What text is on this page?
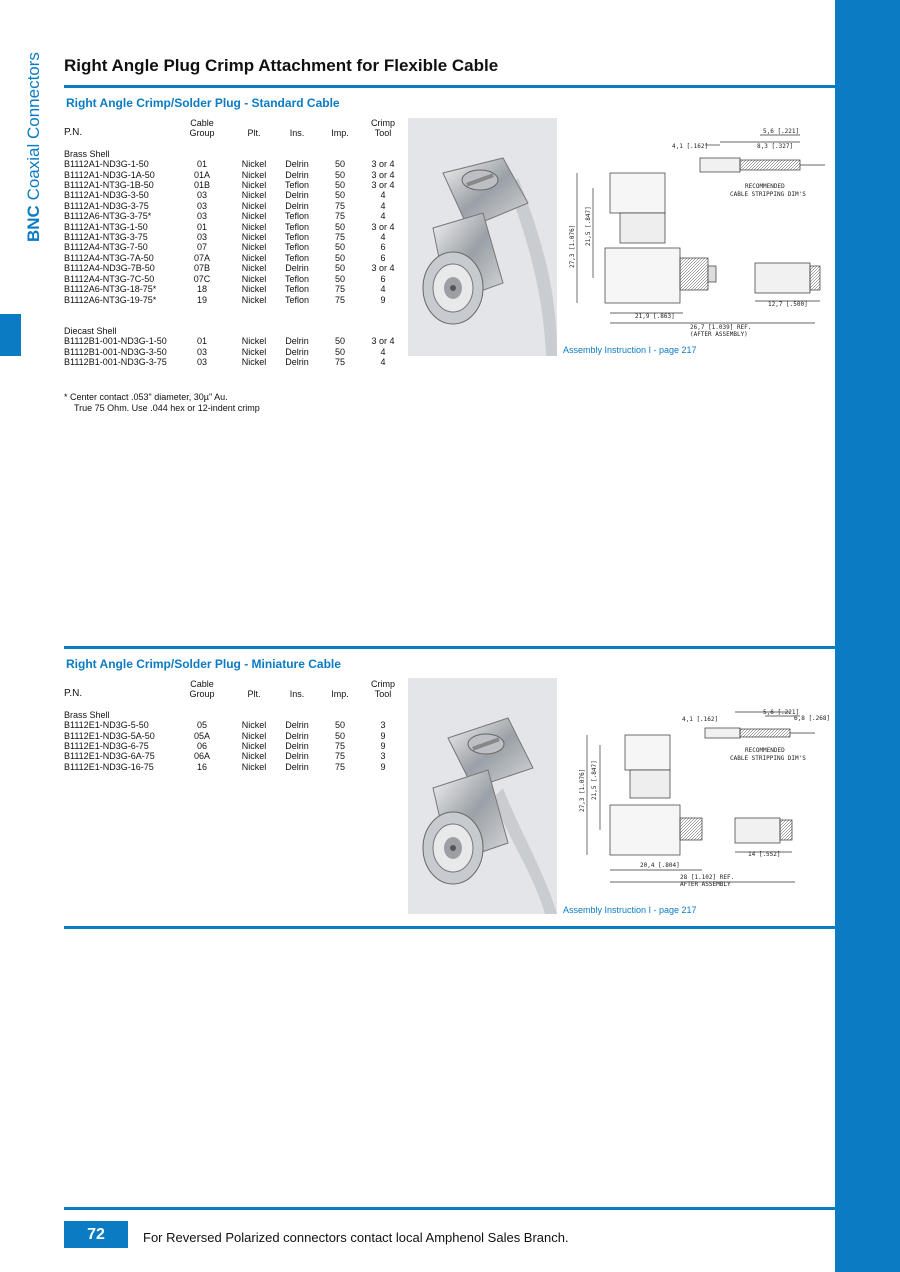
BNC Coaxial Connectors Right Angle Plug Crimp Attachment for Flexible Cable
Right Angle Crimp/Solder Plug - Standard Cable
	Cable				Crimp
P.N.	Group	Plt.	Ins.	Imp.	Tool

Brass Shell					
B1112A1-ND3G-1-50	01	Nickel	Delrin	50	3 or 4
B1112A1-ND3G-1A-50	01A	Nickel	Delrin	50	3 or 4
B1112A1-NT3G-1B-50	01B	Nickel	Teflon	50	3 or 4
B1112A1-ND3G-3-50	03	Nickel	Delrin	50	4
B1112A1-ND3G-3-75	03	Nickel	Delrin	75	4
B1112A6-NT3G-3-75*	03	Nickel	Teflon	75	4
B1112A1-NT3G-1-50	01	Nickel	Teflon	50	3 or 4
B1112A1-NT3G-3-75	03	Nickel	Teflon	75	4
B1112A4-NT3G-7-50	07	Nickel	Teflon	50	6
B1112A4-NT3G-7A-50	07A	Nickel	Teflon	50	6
B1112A4-ND3G-7B-50	07B	Nickel	Delrin	50	3 or 4
B1112A4-NT3G-7C-50	07C	Nickel	Teflon	50	6
B1112A6-NT3G-18-75*	18	Nickel	Teflon	75	4
B1112A6-NT3G-19-75*	19	Nickel	Teflon	75	9

Diecast Shell					
B1112B1-001-ND3G-1-50	01	Nickel	Delrin	50	3 or 4
B1112B1-001-ND3G-3-50	03	Nickel	Delrin	50	4
B1112B1-001-ND3G-3-75	03	Nickel	Delrin	75	4
* Center contact .053" diameter, 30µ" Au.
True 75 Ohm. Use .044 hex or 12-indent crimp
5,6 [.221]
8,3 [.327]
4,1 [.162]
RECOMMENDED
CABLE STRIPPING DIM'S
27,3 [1.076] 21,5 [.847]
21,9 [.863]
26,7 [1.039] REF.
(AFTER ASSEMBLY)
12,7 [.500]
Assembly Instruction I - page 217
Right Angle Crimp/Solder Plug - Miniature Cable
	Cable				Crimp
P.N.	Group	Plt.	Ins.	Imp.	Tool

Brass Shell					
B1112E1-ND3G-5-50	05	Nickel	Delrin	50	3
B1112E1-ND3G-5A-50	05A	Nickel	Delrin	50	9
B1112E1-ND3G-6-75	06	Nickel	Delrin	75	9
B1112E1-ND3G-6A-75	06A	Nickel	Delrin	75	3
B1112E1-ND3G-16-75	16	Nickel	Delrin	75	9
5,6 [.221]
6,8 [.268]
4,1 [.162]
RECOMMENDED
CABLE STRIPPING DIM'S
27,3 [1.076] 21,5 [.847]
20,4 [.804]
28 [1.102] REF.
AFTER ASSEMBLY
14 [.552]
Assembly Instruction I - page 217
72	For Reversed Polarized connectors contact local Amphenol Sales Branch.
